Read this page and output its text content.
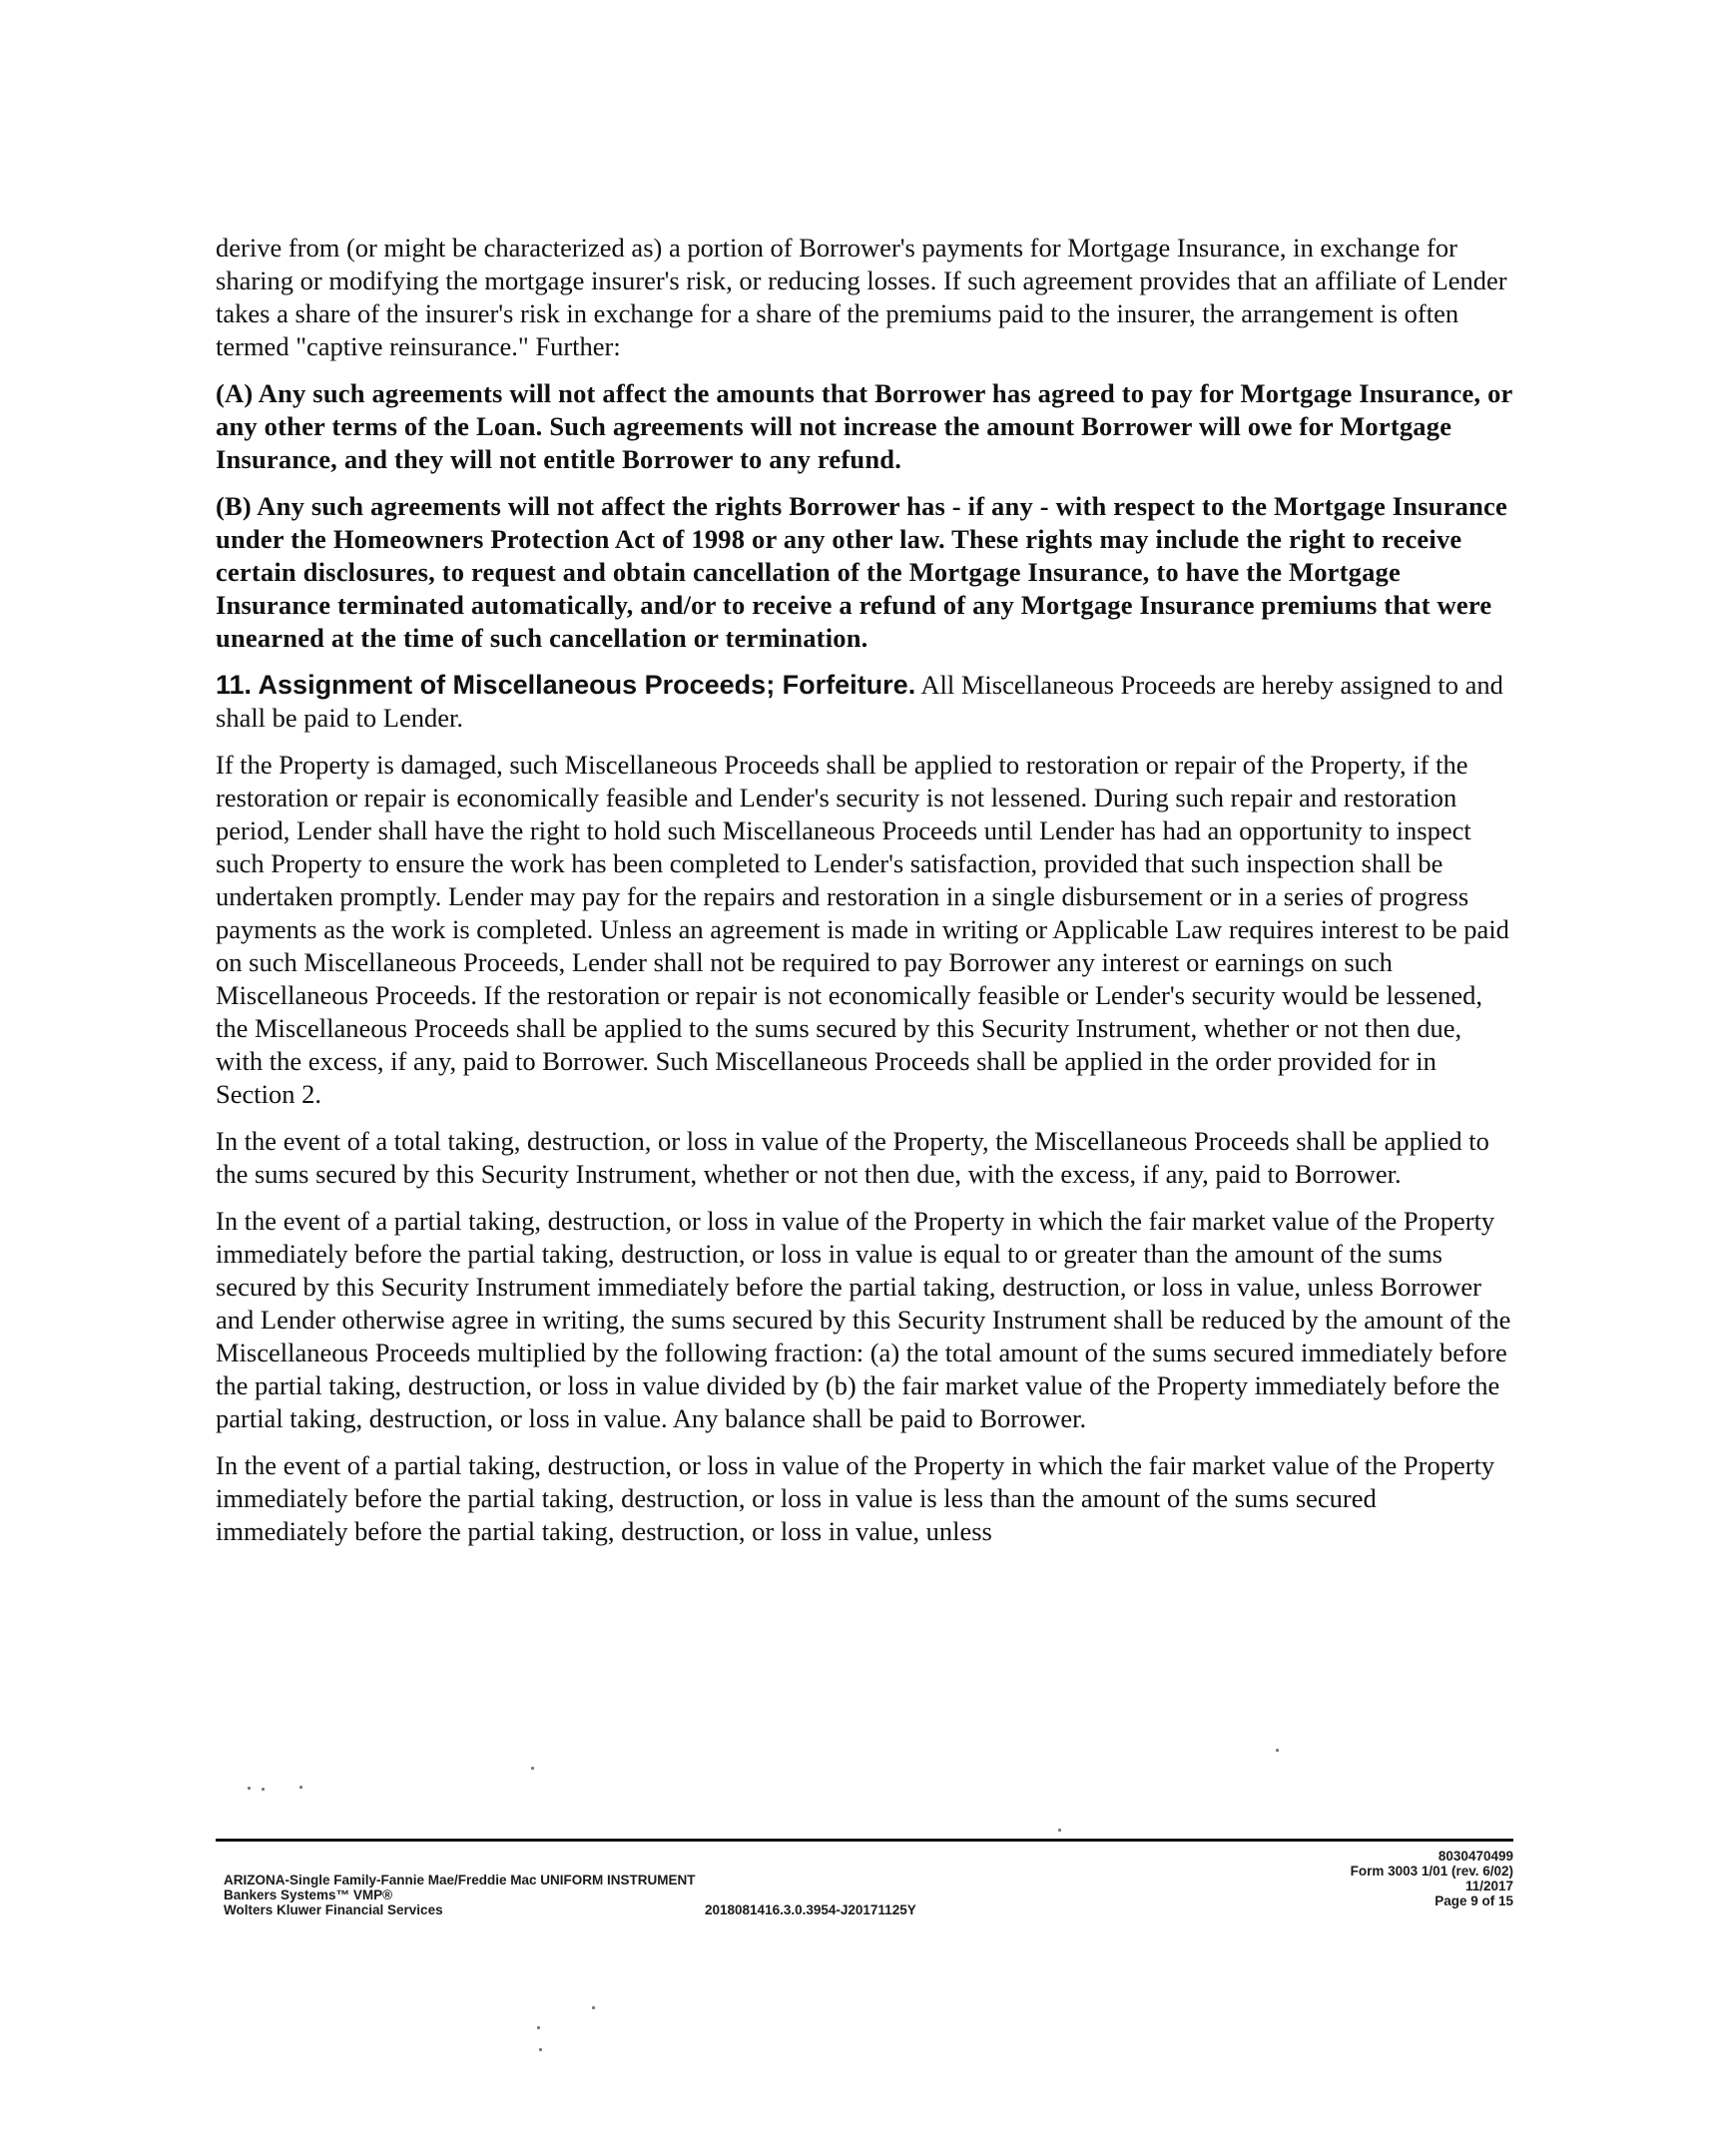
derive from (or might be characterized as) a portion of Borrower's payments for Mortgage Insurance, in exchange for sharing or modifying the mortgage insurer's risk, or reducing losses. If such agreement provides that an affiliate of Lender takes a share of the insurer's risk in exchange for a share of the premiums paid to the insurer, the arrangement is often termed "captive reinsurance." Further:

(A) Any such agreements will not affect the amounts that Borrower has agreed to pay for Mortgage Insurance, or any other terms of the Loan. Such agreements will not increase the amount Borrower will owe for Mortgage Insurance, and they will not entitle Borrower to any refund.

(B) Any such agreements will not affect the rights Borrower has - if any - with respect to the Mortgage Insurance under the Homeowners Protection Act of 1998 or any other law. These rights may include the right to receive certain disclosures, to request and obtain cancellation of the Mortgage Insurance, to have the Mortgage Insurance terminated automatically, and/or to receive a refund of any Mortgage Insurance premiums that were unearned at the time of such cancellation or termination.

11. Assignment of Miscellaneous Proceeds; Forfeiture. All Miscellaneous Proceeds are hereby assigned to and shall be paid to Lender.

If the Property is damaged, such Miscellaneous Proceeds shall be applied to restoration or repair of the Property, if the restoration or repair is economically feasible and Lender's security is not lessened. During such repair and restoration period, Lender shall have the right to hold such Miscellaneous Proceeds until Lender has had an opportunity to inspect such Property to ensure the work has been completed to Lender's satisfaction, provided that such inspection shall be undertaken promptly. Lender may pay for the repairs and restoration in a single disbursement or in a series of progress payments as the work is completed. Unless an agreement is made in writing or Applicable Law requires interest to be paid on such Miscellaneous Proceeds, Lender shall not be required to pay Borrower any interest or earnings on such Miscellaneous Proceeds. If the restoration or repair is not economically feasible or Lender's security would be lessened, the Miscellaneous Proceeds shall be applied to the sums secured by this Security Instrument, whether or not then due, with the excess, if any, paid to Borrower. Such Miscellaneous Proceeds shall be applied in the order provided for in Section 2.

In the event of a total taking, destruction, or loss in value of the Property, the Miscellaneous Proceeds shall be applied to the sums secured by this Security Instrument, whether or not then due, with the excess, if any, paid to Borrower.

In the event of a partial taking, destruction, or loss in value of the Property in which the fair market value of the Property immediately before the partial taking, destruction, or loss in value is equal to or greater than the amount of the sums secured by this Security Instrument immediately before the partial taking, destruction, or loss in value, unless Borrower and Lender otherwise agree in writing, the sums secured by this Security Instrument shall be reduced by the amount of the Miscellaneous Proceeds multiplied by the following fraction: (a) the total amount of the sums secured immediately before the partial taking, destruction, or loss in value divided by (b) the fair market value of the Property immediately before the partial taking, destruction, or loss in value. Any balance shall be paid to Borrower.

In the event of a partial taking, destruction, or loss in value of the Property in which the fair market value of the Property immediately before the partial taking, destruction, or loss in value is less than the amount of the sums secured immediately before the partial taking, destruction, or loss in value, unless

ARIZONA-Single Family-Fannie Mae/Freddie Mac UNIFORM INSTRUMENT
Bankers Systems™ VMP®
Wolters Kluwer Financial Services	2018081416.3.0.3954-J20171125Y
8030470499
Form 3003 1/01 (rev. 6/02)
11/2017
Page 9 of 15
